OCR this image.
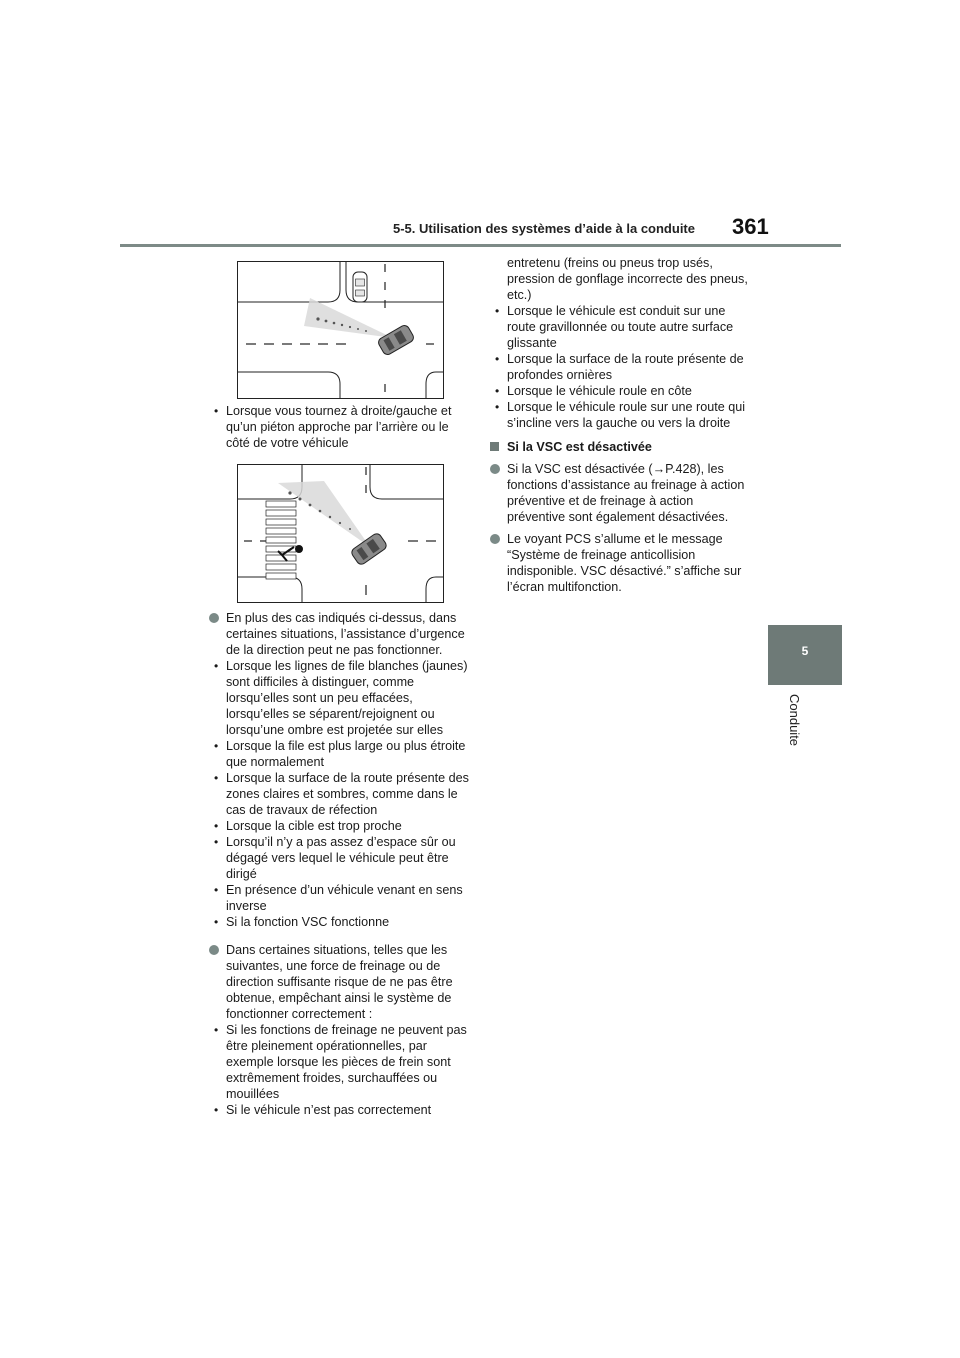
5-5. Utilisation des systèmes d’aide à la conduite 361
5
Conduite
• Lorsque vous tournez à droite/gauche et qu’un piéton approche par l’arrière ou le côté de votre véhicule
En plus des cas indiqués ci-dessus, dans certaines situations, l’assistance d’urgence de la direction peut ne pas fonctionner.
• Lorsque les lignes de file blanches (jaunes) sont difficiles à distinguer, comme lorsqu’elles sont un peu effacées, lorsqu’elles se séparent/rejoignent ou lorsqu’une ombre est projetée sur elles
• Lorsque la file est plus large ou plus étroite que normalement
• Lorsque la surface de la route présente des zones claires et sombres, comme dans le cas de travaux de réfection
• Lorsque la cible est trop proche
• Lorsqu’il n’y a pas assez d’espace sûr ou dégagé vers lequel le véhicule peut être dirigé
• En présence d’un véhicule venant en sens inverse
• Si la fonction VSC fonctionne
Dans certaines situations, telles que les suivantes, une force de freinage ou de direction suffisante risque de ne pas être obtenue, empêchant ainsi le système de fonctionner correctement :
• Si les fonctions de freinage ne peuvent pas être pleinement opérationnelles, par exemple lorsque les pièces de frein sont extrêmement froides, surchauffées ou mouillées
• Si le véhicule n’est pas correctement
entretenu (freins ou pneus trop usés, pression de gonflage incorrecte des pneus, etc.)
• Lorsque le véhicule est conduit sur une route gravillonnée ou toute autre surface glissante
• Lorsque la surface de la route présente de profondes ornières
• Lorsque le véhicule roule en côte
• Lorsque le véhicule roule sur une route qui s’incline vers la gauche ou vers la droite
Si la VSC est désactivée
Si la VSC est désactivée (→P.428), les fonctions d’assistance au freinage à action préventive et de freinage à action préventive sont également désactivées.
Le voyant PCS s’allume et le message “Système de freinage anticollision indisponible. VSC désactivé.” s’affiche sur l’écran multifonction.
